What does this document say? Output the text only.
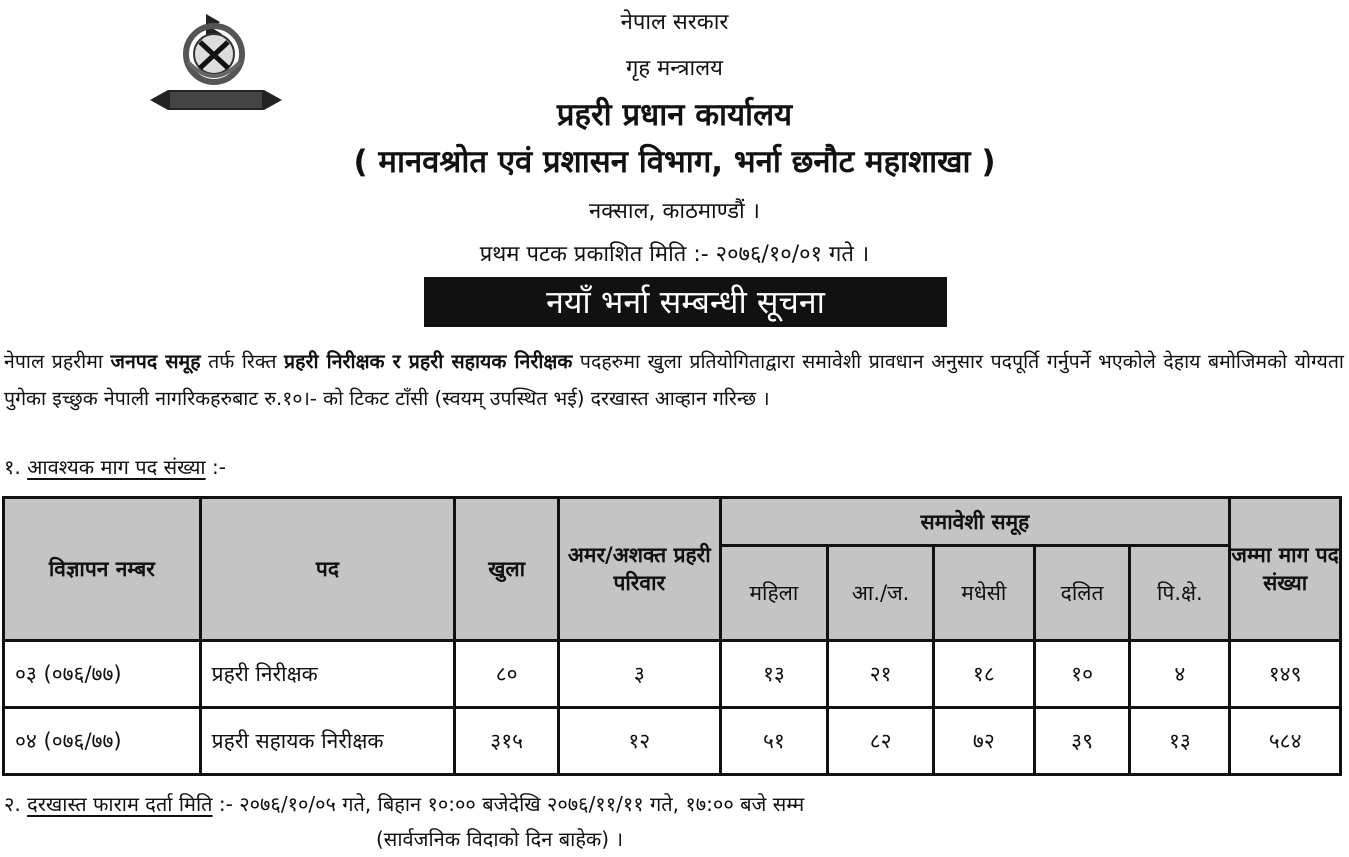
नेपाल सरकार
गृह मन्त्रालय
प्रहरी प्रधान कार्यालय
( मानवश्रोत एवं प्रशासन विभाग, भर्ना छनौट महाशाखा )
नक्साल, काठमाण्डौं ।
प्रथम पटक प्रकाशित मिति :- २०७६/१०/०१ गते ।
नयाँ भर्ना सम्बन्धी सूचना
नेपाल प्रहरीमा जनपद समूह तर्फ रिक्त प्रहरी निरीक्षक र प्रहरी सहायक निरीक्षक पदहरुमा खुला प्रतियोगिताद्वारा समावेशी प्रावधान अनुसार पदपूर्ति गर्नुपर्ने भएकोले देहाय बमोजिमको योग्यता पुगेका इच्छुक नेपाली नागरिकहरुबाट रु.१०।- को टिकट टाँसी (स्वयम् उपस्थित भई) दरखास्त आव्हान गरिन्छ ।
१. आवश्यक माग पद संख्या :-
विज्ञापन नम्बर	पद	खुला	अमर/अशक्त प्रहरी परिवार	समावेशी समूह					जम्मा माग पद संख्या
				महिला	आ./ज.	मधेसी	दलित	पि.क्षे.	
०३ (०७६/७७)	प्रहरी निरीक्षक	८०	३	१३	२१	१८	१०	४	१४९
०४ (०७६/७७)	प्रहरी सहायक निरीक्षक	३१५	१२	५१	८२	७२	३९	१३	५८४
२. दरखास्त फाराम दर्ता मिति :- २०७६/१०/०५ गते, बिहान १०:०० बजेदेखि २०७६/११/११ गते, १७:०० बजे सम्म
(सार्वजनिक विदाको दिन बाहेक) ।
